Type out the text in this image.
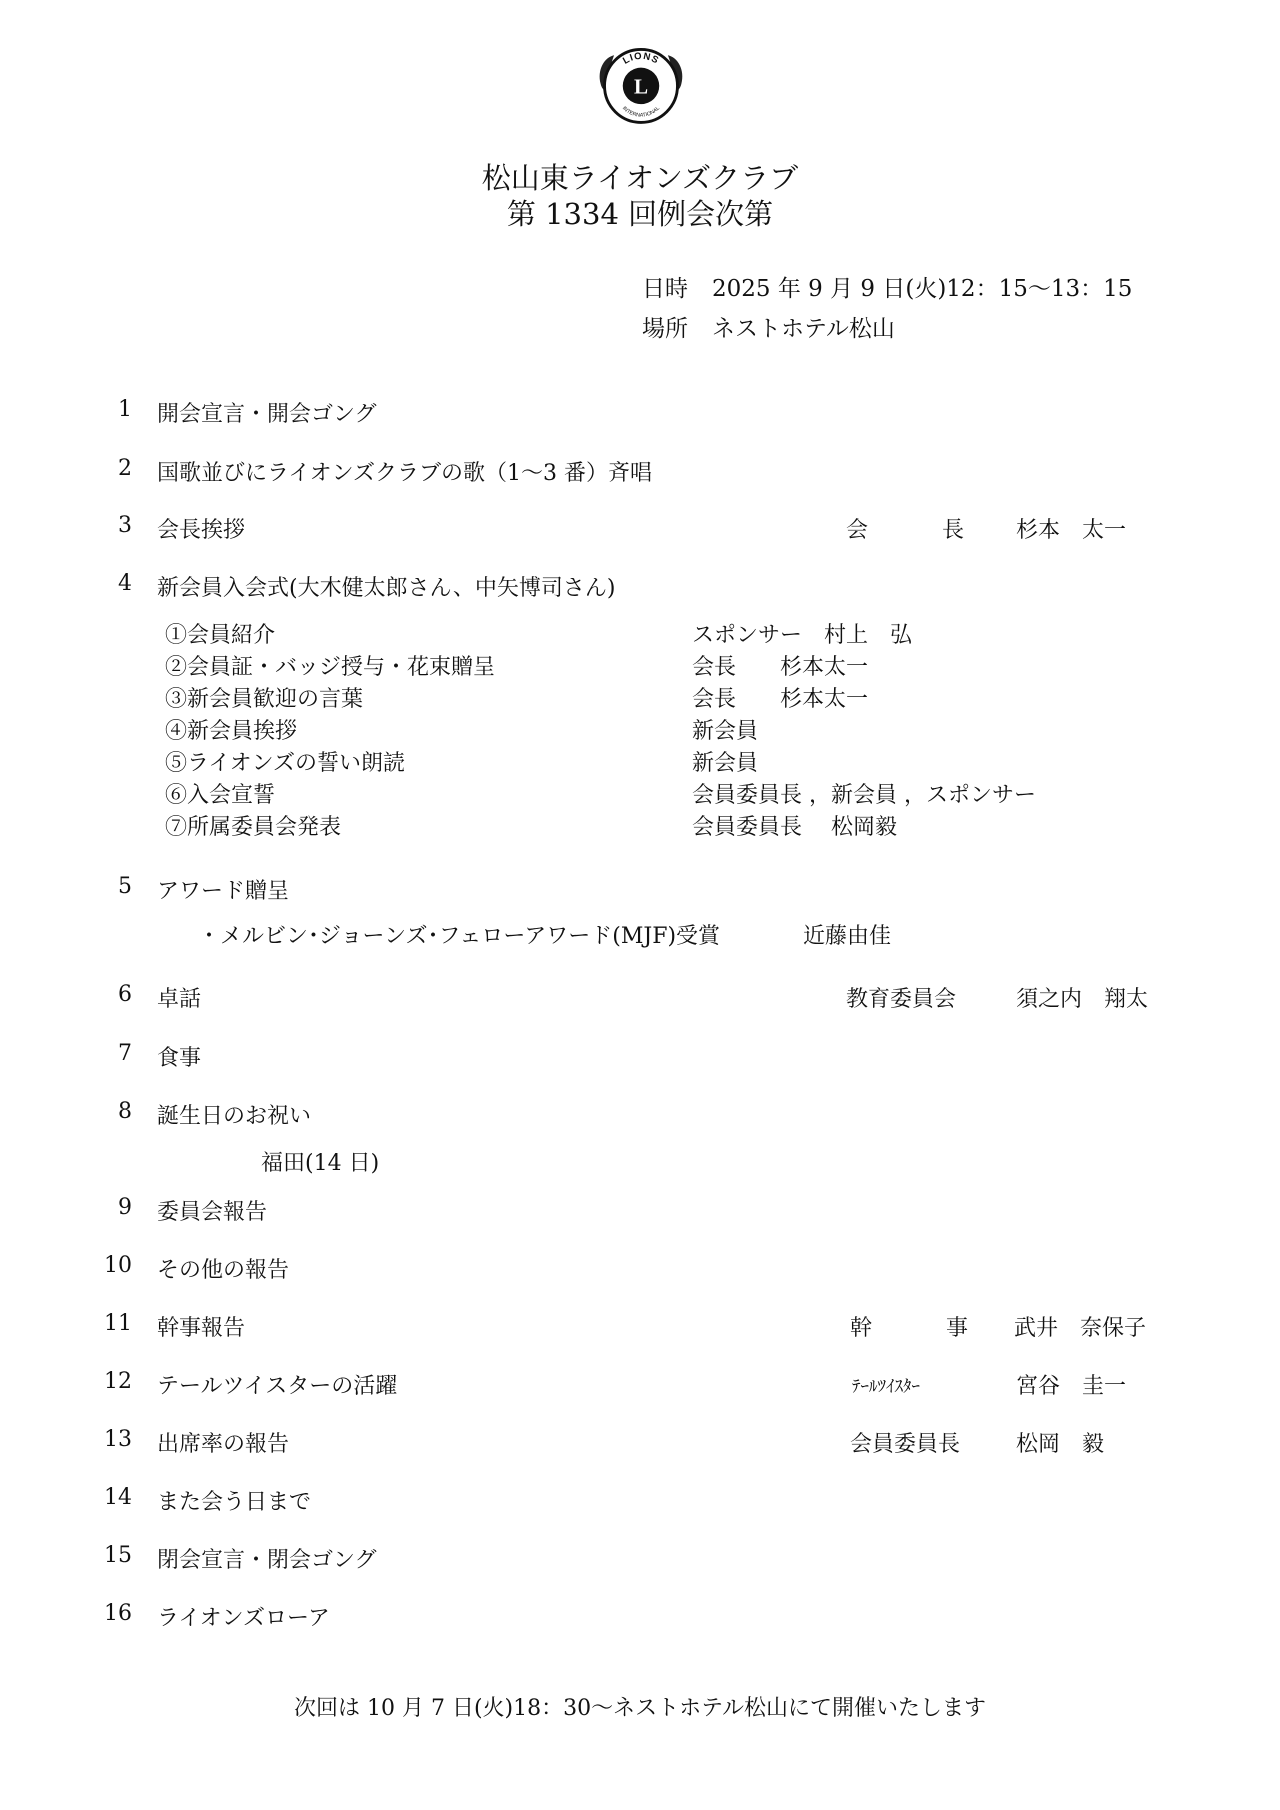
LIONS
INTERNATIONAL
L
松山東ライオンズクラブ
第 1334 回例会次第
日時 2025 年 9 月 9 日(火)12：15〜13：15
場所 ネストホテル松山
1 開会宣言・開会ゴング
2 国歌並びにライオンズクラブの歌（1〜3 番）斉唱
3 会長挨拶	会	長 杉本　太一
4 新会員入会式(大木健太郎さん、中矢博司さん)
①会員紹介	スポンサー　村上　弘
②会員証・バッジ授与・花束贈呈	会長　　杉本太一
③新会員歓迎の言葉	会長　　杉本太一
④新会員挨拶	新会員
⑤ライオンズの誓い朗読	新会員
⑥入会宣誓	会員委員長 ，新会員 ，スポンサー
⑦所属委員会発表	会員委員長　 松岡毅
5 アワード贈呈
・メルビン･ジョーンズ･フェローアワード(MJF)受賞	近藤由佳
6 卓話	教育委員会	須之内　翔太
7 食事
8 誕生日のお祝い
福田(14 日)
9 委員会報告
10 その他の報告
11 幹事報告	幹	事 武井　奈保子
12 テールツイスターの活躍	ﾃｰﾙﾂｲｽﾀｰ	宮谷　圭一
13 出席率の報告	会員委員長	松岡　毅
14 また会う日まで
15 閉会宣言・閉会ゴング
16 ライオンズローア
次回は 10 月 7 日(火)18：30〜ネストホテル松山にて開催いたします
